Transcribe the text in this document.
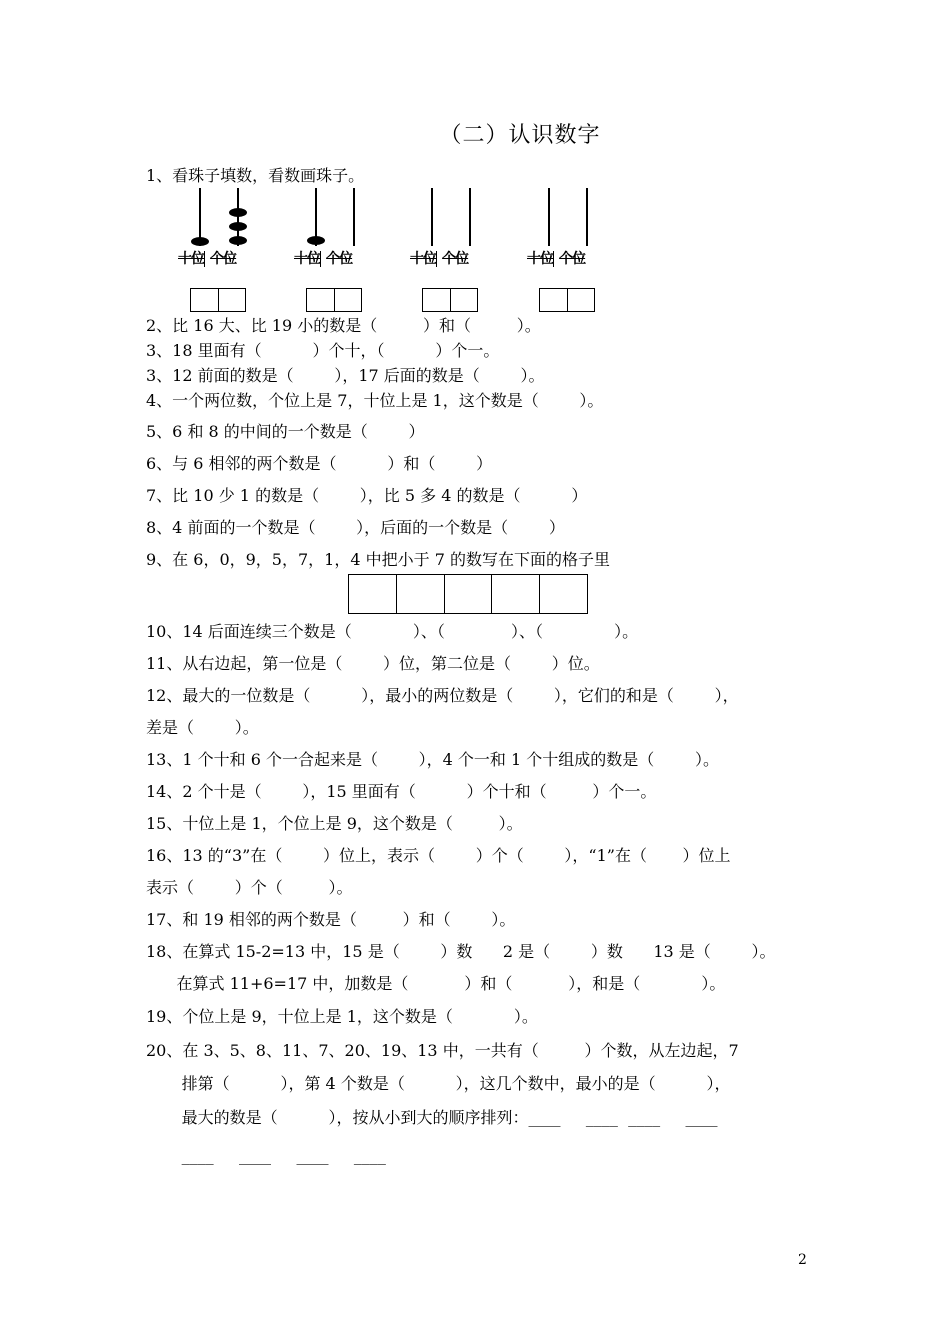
（二）认识数字
1、看珠子填数，看数画珠子。
十位 个位	十位 个位	十位 个位	十位 个位
2、比 16 大、比 19 小的数是（         ）和（         ）。
3、18 里面有（          ）个十，（          ）个一。
3、12 前面的数是（        ），17 后面的数是（        ）。
4、一个两位数，个位上是 7，十位上是 1，这个数是（        ）。
5、6 和 8 的中间的一个数是（        ）
6、与 6 相邻的两个数是（          ）和（        ）
7、比 10 少 1 的数是（        ），比 5 多 4 的数是（          ）
8、4 前面的一个数是（        ），后面的一个数是（        ）
9、在 6，0，9，5，7，1，4 中把小于 7 的数写在下面的格子里
10、14 后面连续三个数是（            ）、（             ）、（              ）。
11、从右边起，第一位是（        ）位，第二位是（        ）位。
12、最大的一位数是（          ），最小的两位数是（        ），它们的和是（        ），
差是（        ）。
13、1 个十和 6 个一合起来是（        ），4 个一和 1 个十组成的数是（        ）。
14、2 个十是（        ），15 里面有（          ）个十和（         ）个一。
15、十位上是 1，个位上是 9，这个数是（         ）。
16、13 的“3”在（        ）位上，表示（        ）个（        ），“1”在（       ）位上
表示（        ）个（         ）。
17、和 19 相邻的两个数是（         ）和（        ）。
18、在算式 15-2=13 中，15 是（        ）数      2 是（        ）数      13 是（        ）。
在算式 11+6=17 中，加数是（           ）和（           ），和是（            ）。
19、个位上是 9，十位上是 1，这个数是（            ）。
20、在 3、5、8、11、7、20、19、13 中，一共有（         ）个数，从左边起，7
排第（          ），第 4 个数是（          ），这几个数中，最小的是（          ），
最大的数是（          ），按从小到大的顺序排列：____     ____  ____     ____
____     ____     ____     ____
2
